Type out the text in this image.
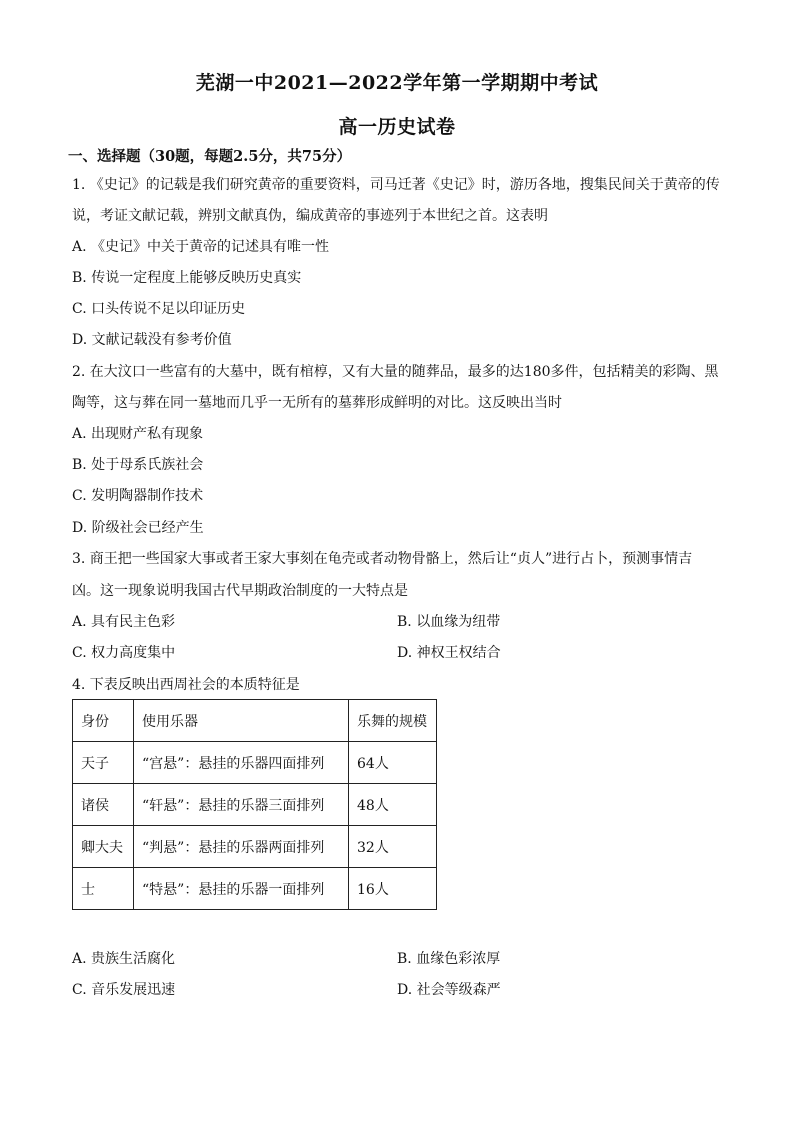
芜湖一中2021—2022学年第一学期期中考试
高一历史试卷
一、选择题（30题，每题2.5分，共75分）
1. 《史记》的记载是我们研究黄帝的重要资料，司马迁著《史记》时，游历各地，搜集民间关于黄帝的传
说，考证文献记载，辨别文献真伪，编成黄帝的事迹列于本世纪之首。这表明
A. 《史记》中关于黄帝的记述具有唯一性
B. 传说一定程度上能够反映历史真实
C. 口头传说不足以印证历史
D. 文献记载没有参考价值
2. 在大汶口一些富有的大墓中，既有棺椁，又有大量的随葬品，最多的达180多件，包括精美的彩陶、黑
陶等，这与葬在同一墓地而几乎一无所有的墓葬形成鲜明的对比。这反映出当时
A. 出现财产私有现象
B. 处于母系氏族社会
C. 发明陶器制作技术
D. 阶级社会已经产生
3. 商王把一些国家大事或者王家大事刻在龟壳或者动物骨骼上，然后让“贞人”进行占卜，预测事情吉
凶。这一现象说明我国古代早期政治制度的一大特点是
A. 具有民主色彩	B. 以血缘为纽带
C. 权力高度集中	D. 神权王权结合
4. 下表反映出西周社会的本质特征是
身份	使用乐器	乐舞的规模
天子	“宫悬”：悬挂的乐器四面排列	64人
诸侯	“轩悬”：悬挂的乐器三面排列	48人
卿大夫	“判悬”：悬挂的乐器两面排列	32人
士	“特悬”：悬挂的乐器一面排列	16人
A. 贵族生活腐化	B. 血缘色彩浓厚
C. 音乐发展迅速	D. 社会等级森严
